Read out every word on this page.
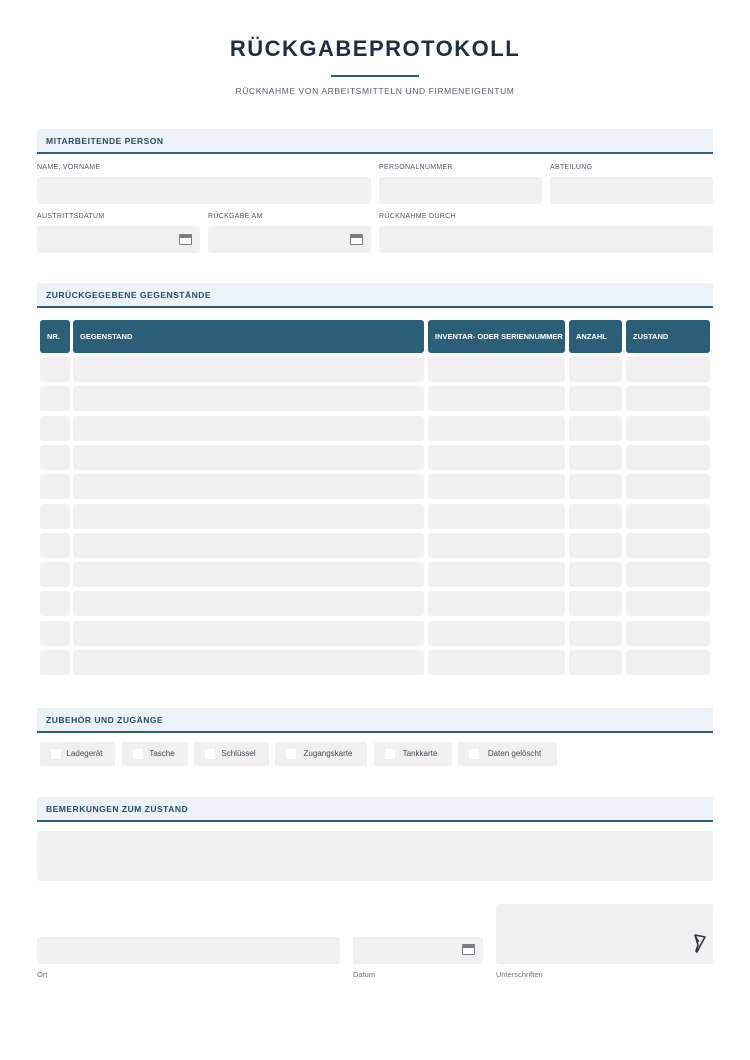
RÜCKGABEPROTOKOLL
RÜCKNAHME VON ARBEITSMITTELN UND FIRMENEIGENTUM
MITARBEITENDE PERSON
NAME, VORNAME	PERSONALNUMMER	ABTEILUNG
AUSTRITTSDATUM	RÜCKGABE AM	RÜCKNAHME DURCH
ZURÜCKGEGEBENE GEGENSTÄNDE
NR.	GEGENSTAND	INVENTAR- ODER SERIENNUMMER	ANZAHL	ZUSTAND
ZUBEHÖR UND ZUGÄNGE
Ladegerät	Tasche	Schlüssel	Zugangskarte	Tankkarte	Daten gelöscht
BEMERKUNGEN ZUM ZUSTAND
Ort	Datum	Unterschriften
